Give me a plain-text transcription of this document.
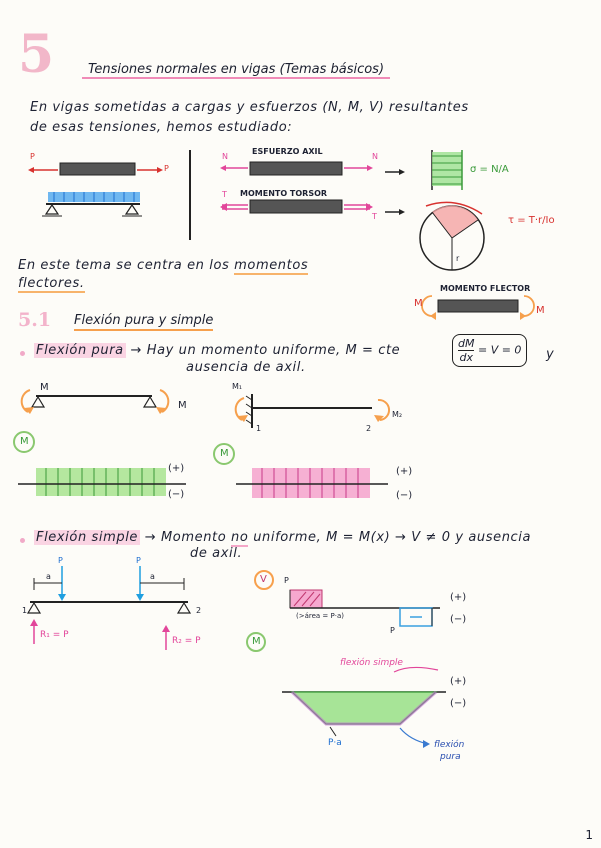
5	Tensiones normales en vigas (Temas básicos)
En vigas sometidas a cargas y esfuerzos (N, M, V) resultantes
de esas tensiones, hemos estudiado:
P
P
ESFUERZO AXIL
N	N
σ = N/A
MOMENTO TORSOR
T
T	τ = T·r/Io
r
MOMENTO FLECTOR
M
M
En este tema se centra en los momentos
flectores.
5.1 Flexión pura y simple
Flexión pura → Hay un momento uniforme, M = cte	$\frac{dM}{dx} = V = 0$	y
ausencia de axil.
M
M
M₁
M₂
1	2
M
M
(+)
(−)
(+)
(−)
Flexión simple → Momento no uniforme, M = M(x) → V ≠ 0 y ausencia
de axil.
P	P
a	a
1	2
R₁ = P
R₂ = P
V P
P
(>área = P·a)
(+)
(−)
M
(+)
(−)
P·a
flexión simple
flexión
pura
1
